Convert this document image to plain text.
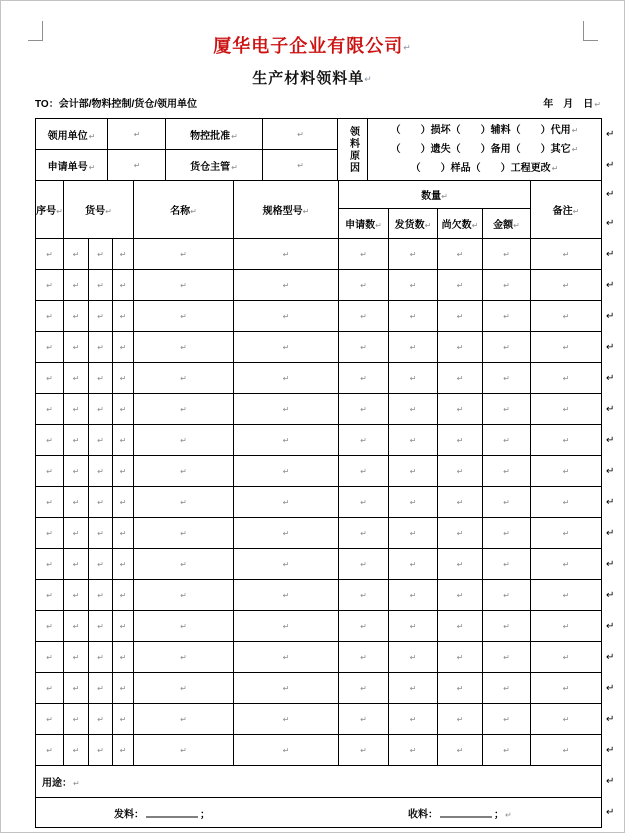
厦华电子企业有限公司↵
生产材料领料单↵
TO：会计部/物料控制/货仓/领用单位	年　月　日↵
领用单位↵	↵	物控批准↵	↵	领料原因	（　　）损坏（　　）辅料（　　）代用↵
（　　）遗失（　　）备用（　　）其它↵
（　　）样品（　　）工程更改↵	↵
申请单号↵	↵	货仓主管↵	↵			↵
序号↵	货号↵			名称↵	规格型号↵	数量↵				备注↵	↵
						申请数↵	发货数↵	尚欠数↵	金额↵		↵
↵	↵	↵	↵	↵	↵	↵	↵	↵	↵	↵	↵
↵	↵	↵	↵	↵	↵	↵	↵	↵	↵	↵	↵
↵	↵	↵	↵	↵	↵	↵	↵	↵	↵	↵	↵
↵	↵	↵	↵	↵	↵	↵	↵	↵	↵	↵	↵
↵	↵	↵	↵	↵	↵	↵	↵	↵	↵	↵	↵
↵	↵	↵	↵	↵	↵	↵	↵	↵	↵	↵	↵
↵	↵	↵	↵	↵	↵	↵	↵	↵	↵	↵	↵
↵	↵	↵	↵	↵	↵	↵	↵	↵	↵	↵	↵
↵	↵	↵	↵	↵	↵	↵	↵	↵	↵	↵	↵
↵	↵	↵	↵	↵	↵	↵	↵	↵	↵	↵	↵
↵	↵	↵	↵	↵	↵	↵	↵	↵	↵	↵	↵
↵	↵	↵	↵	↵	↵	↵	↵	↵	↵	↵	↵
↵	↵	↵	↵	↵	↵	↵	↵	↵	↵	↵	↵
↵	↵	↵	↵	↵	↵	↵	↵	↵	↵	↵	↵
↵	↵	↵	↵	↵	↵	↵	↵	↵	↵	↵	↵
↵	↵	↵	↵	↵	↵	↵	↵	↵	↵	↵	↵
↵	↵	↵	↵	↵	↵	↵	↵	↵	↵	↵	↵
用途：↵	↵

发料： ； 收料： ；↵	↵
